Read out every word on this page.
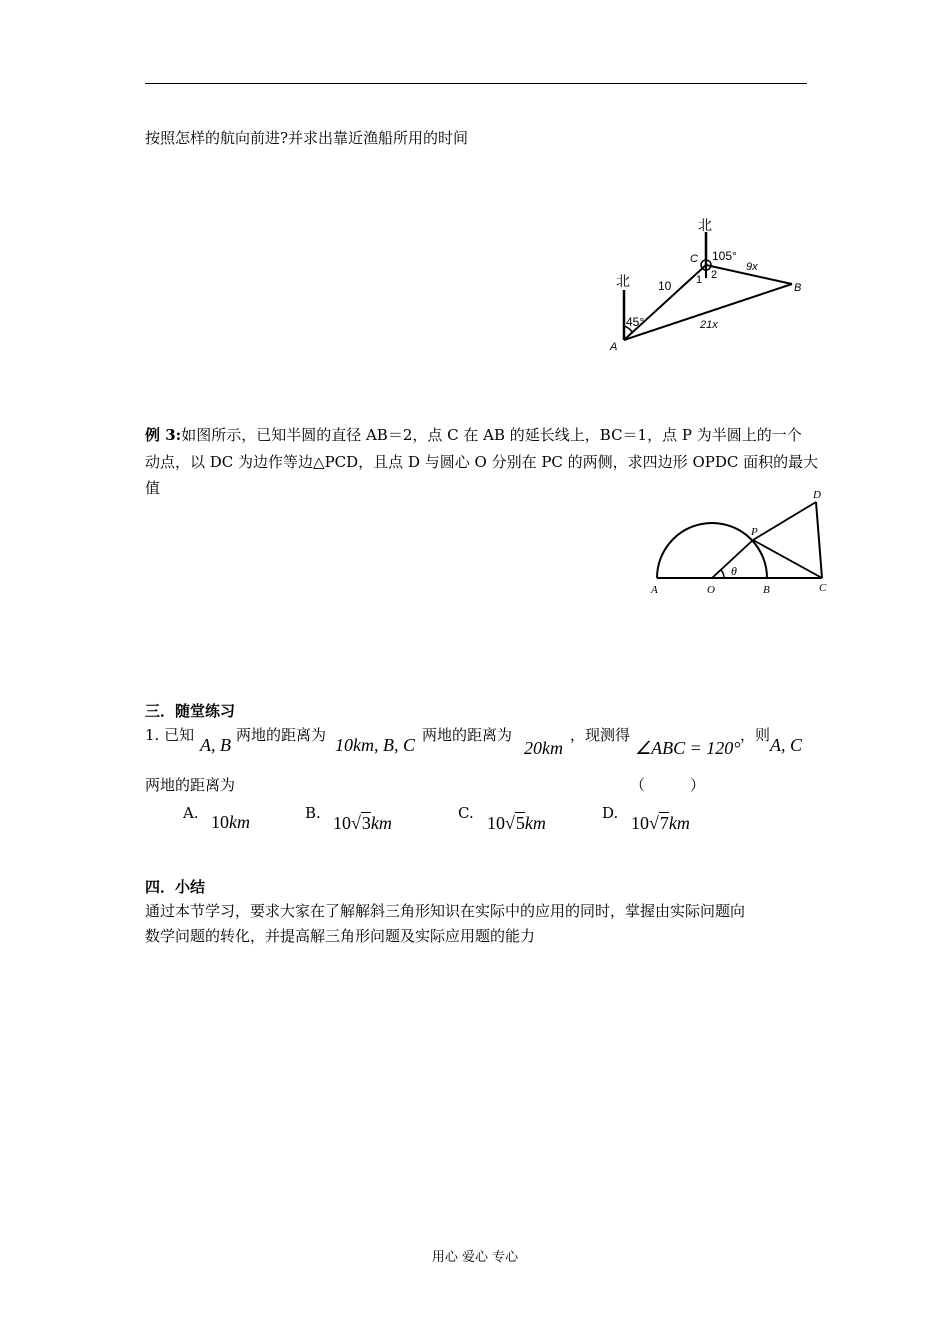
按照怎样的航向前进?并求出靠近渔船所用的时间
北
北
105°
45°
C
A
B
1 2
10
9x
21x
例 3:如图所示，已知半圆的直径 AB＝2，点 C 在 AB 的延长线上，BC＝1，点 P 为半圆上的一个
动点，以 DC 为边作等边△PCD，且点 D 与圆心 O 分别在 PC 的两侧，求四边形 OPDC 面积的最大
值
A	O	B	C
P
D
θ
三．随堂练习
1. 已知 A, B 两地的距离为 10km, B, C 两地的距离为
20km
，现测得
∠ABC = 120°
，则 A, C
两地的距离为	（　　　）
A. 10km	B. 10√3km	C. 10√5km	D. 10√7km
四．小结
通过本节学习，要求大家在了解解斜三角形知识在实际中的应用的同时，掌握由实际问题向
数学问题的转化，并提高解三角形问题及实际应用题的能力
用心 爱心 专心
